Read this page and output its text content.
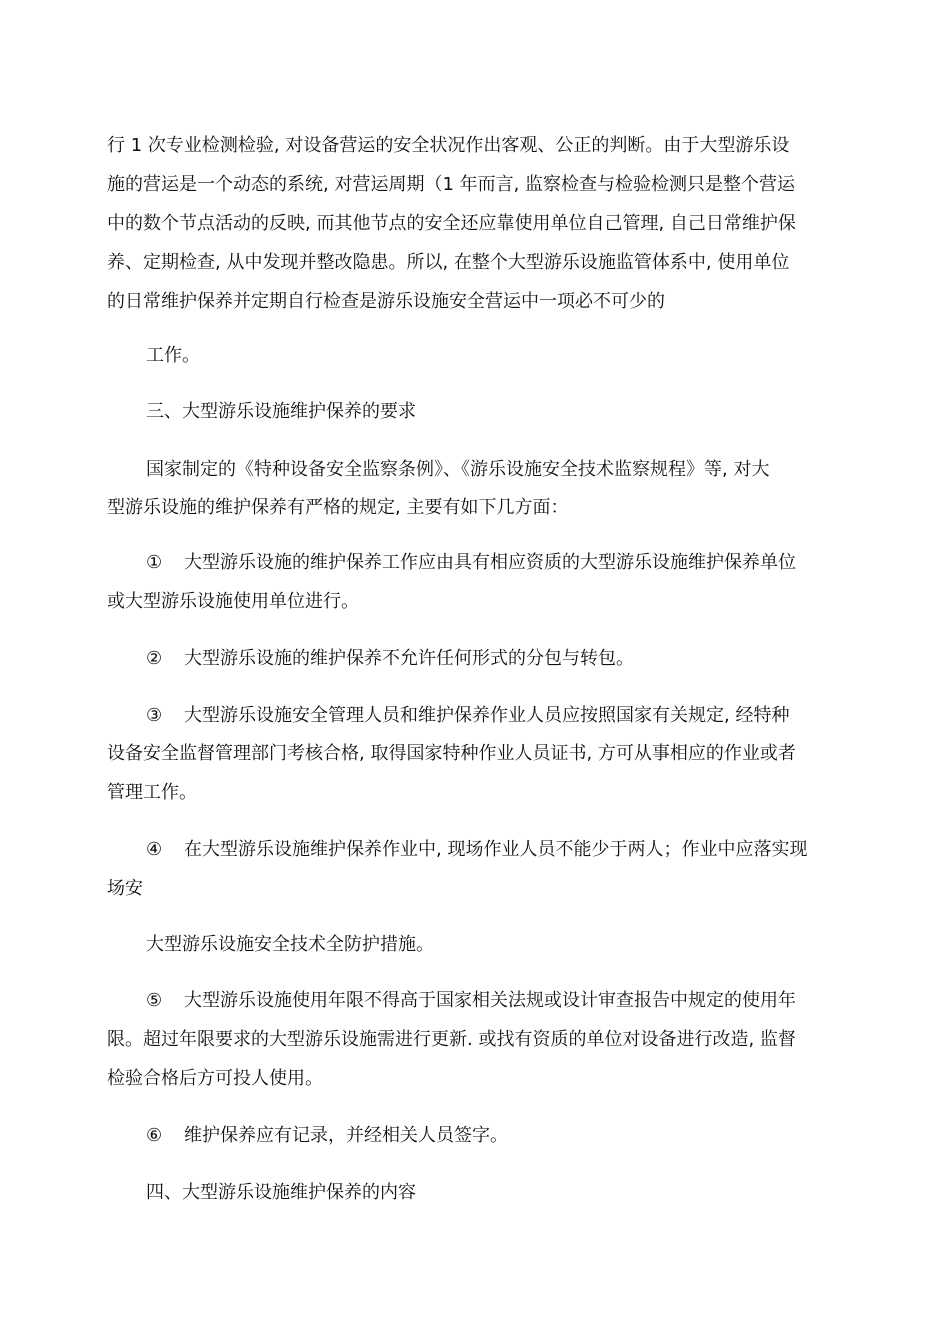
行 1 次专业检测检验, 对设备营运的安全状况作出客观、公正的判断。由于大型游乐设
施的营运是一个动态的系统, 对营运周期（1 年而言, 监察检查与检验检测只是整个营运
中的数个节点活动的反映, 而其他节点的安全还应靠使用单位自己管理, 自己日常维护保
养、定期检查, 从中发现并整改隐患。所以, 在整个大型游乐设施监管体系中, 使用单位
的日常维护保养并定期自行检查是游乐设施安全营运中一项必不可少的
工作。
三、大型游乐设施维护保养的要求
国家制定的《特种设备安全监察条例》、《游乐设施安全技术监察规程》等, 对大
型游乐设施的维护保养有严格的规定, 主要有如下几方面：
① 大型游乐设施的维护保养工作应由具有相应资质的大型游乐设施维护保养单位
或大型游乐设施使用单位进行。
② 大型游乐设施的维护保养不允许任何形式的分包与转包。
③ 大型游乐设施安全管理人员和维护保养作业人员应按照国家有关规定, 经特种
设备安全监督管理部门考核合格, 取得国家特种作业人员证书, 方可从事相应的作业或者
管理工作。
④ 在大型游乐设施维护保养作业中, 现场作业人员不能少于两人；作业中应落实现
场安
大型游乐设施安全技术全防护措施。
⑤ 大型游乐设施使用年限不得高于国家相关法规或设计审查报告中规定的使用年
限。超过年限要求的大型游乐设施需进行更新. 或找有资质的单位对设备进行改造, 监督
检验合格后方可投人使用。
⑥ 维护保养应有记录，并经相关人员签字。
四、大型游乐设施维护保养的内容
